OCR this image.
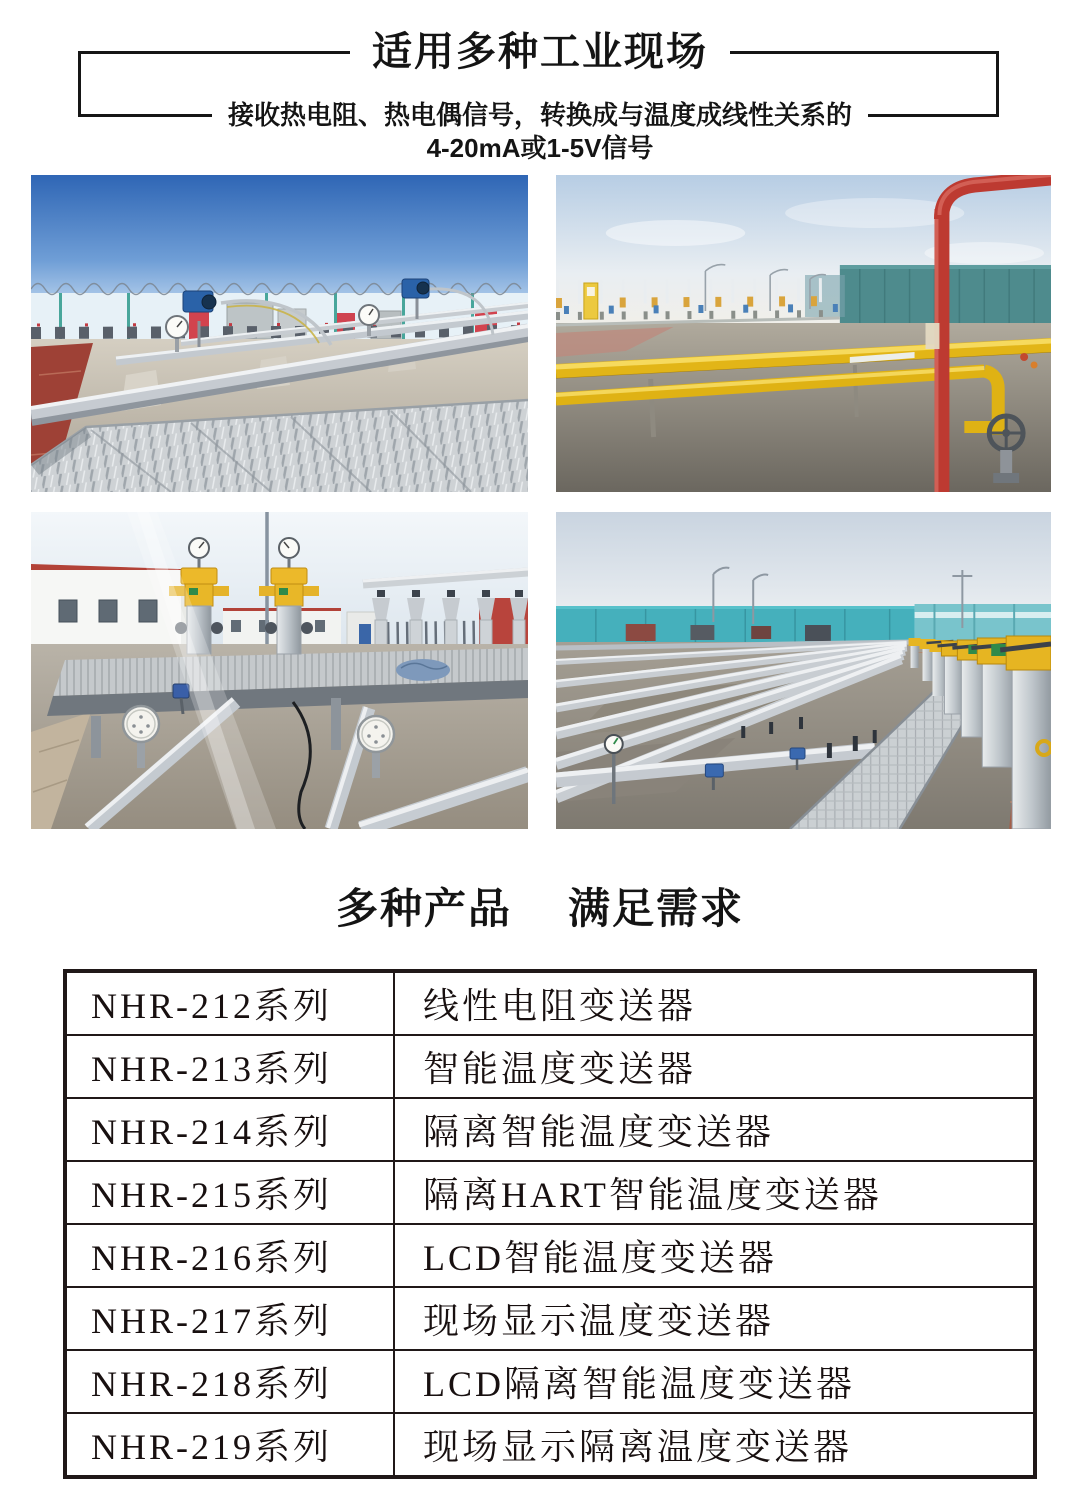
适用多种工业现场
接收热电阻、热电偶信号，转换成与温度成线性关系的
4-20mA或1-5V信号
多种产品 满足需求
NHR-212系列	线性电阻变送器
NHR-213系列	智能温度变送器
NHR-214系列	隔离智能温度变送器
NHR-215系列	隔离HART智能温度变送器
NHR-216系列	LCD智能温度变送器
NHR-217系列	现场显示温度变送器
NHR-218系列	LCD隔离智能温度变送器
NHR-219系列	现场显示隔离温度变送器
